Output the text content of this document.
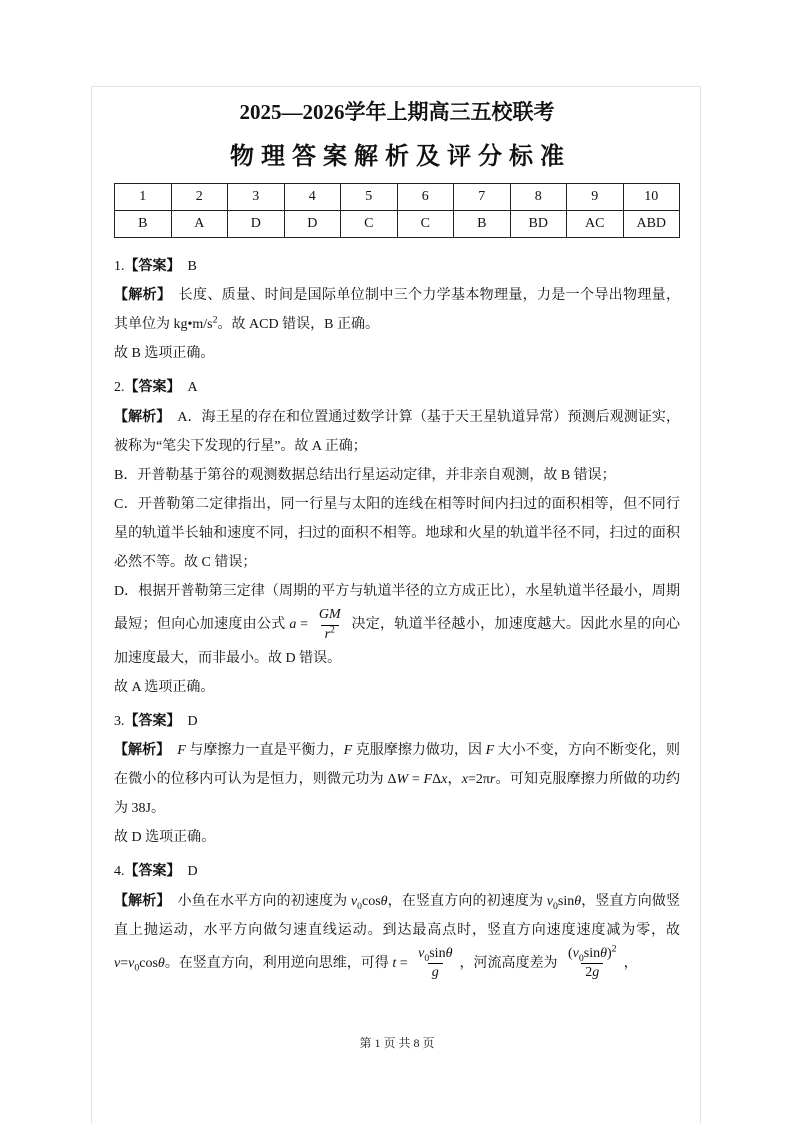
2025—2026学年上期高三五校联考
物理答案解析及评分标准
1	2	3	4	5	6	7	8	9	10
B	A	D	D	C	C	B	BD	AC	ABD

1.【答案】　B

【解析】　长度、质量、时间是国际单位制中三个力学基本物理量，力是一个导出物理量，其单位为 $kg•m/s^2$。故 ACD 错误，B 正确。

故 B 选项正确。

2.【答案】　A

【解析】　A．海王星的存在和位置通过数学计算（基于天王星轨道异常）预测后观测证实，被称为“笔尖下发现的行星”。故 A 正确；

B．开普勒基于第谷的观测数据总结出行星运动定律，并非亲自观测，故 B 错误；

C．开普勒第二定律指出，同一行星与太阳的连线在相等时间内扫过的面积相等，但不同行星的轨道半长轴和速度不同，扫过的面积不相等。地球和火星的轨道半径不同，扫过的面积必然不等。故 C 错误；

D．根据开普勒第三定律（周期的平方与轨道半径的立方成正比），水星轨道半径最小，周期最短；但向心加速度由公式 $a = \frac{GM}{r^2}$ 决定，轨道半径越小，加速度越大。因此水星的向心加速度最大，而非最小。故 D 错误。

故 A 选项正确。

3.【答案】　D

【解析】　 F 与摩擦力一直是平衡力，F 克服摩擦力做功，因 F 大小不变，方向不断变化，则在微小的位移内可认为是恒力，则微元功为 ΔW = FΔx，x=2πr。可知克服摩擦力所做的功约为 38J。

故 D 选项正确。

4.【答案】　D

【解析】　小鱼在水平方向的初速度为 $v_0\cos\theta$，在竖直方向的初速度为 $v_0\sin\theta$，竖直方向做竖直上抛运动，水平方向做匀速直线运动。到达最高点时，竖直方向速度速度减为零，故 $v=v_0\cos\theta$。在竖直方向，利用逆向思维，可得 $t = \frac{v_0\sin\theta}{g}$ ，河流高度差为 $\frac{(v_0\sin\theta)^2}{2g}$ ，

第 1 页 共 8 页
